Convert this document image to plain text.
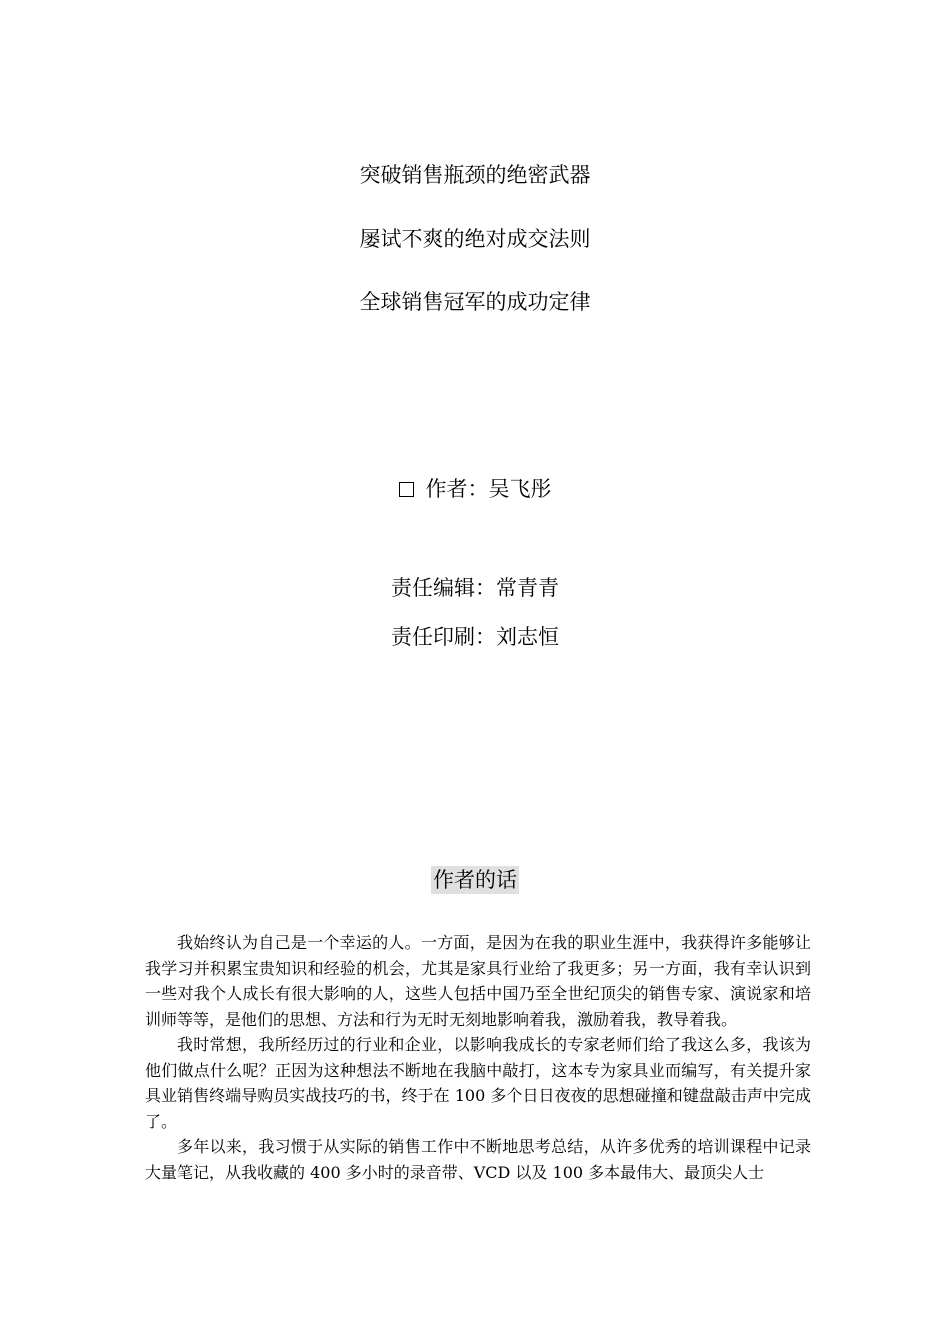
突破销售瓶颈的绝密武器
屡试不爽的绝对成交法则
全球销售冠军的成功定律
作者：吴飞彤
责任编辑：常青青
责任印刷：刘志恒
作者的话

我始终认为自己是一个幸运的人。一方面，是因为在我的职业生涯中，我获得许多能够让我学习并积累宝贵知识和经验的机会，尤其是家具行业给了我更多；另一方面，我有幸认识到一些对我个人成长有很大影响的人，这些人包括中国乃至全世纪顶尖的销售专家、演说家和培训师等等，是他们的思想、方法和行为无时无刻地影响着我，激励着我，教导着我。

我时常想，我所经历过的行业和企业，以影响我成长的专家老师们给了我这么多，我该为他们做点什么呢？正因为这种想法不断地在我脑中敲打，这本专为家具业而编写，有关提升家具业销售终端导购员实战技巧的书，终于在 100 多个日日夜夜的思想碰撞和键盘敲击声中完成了。

多年以来，我习惯于从实际的销售工作中不断地思考总结，从许多优秀的培训课程中记录大量笔记，从我收藏的 400 多小时的录音带、VCD 以及 100 多本最伟大、最顶尖人士
